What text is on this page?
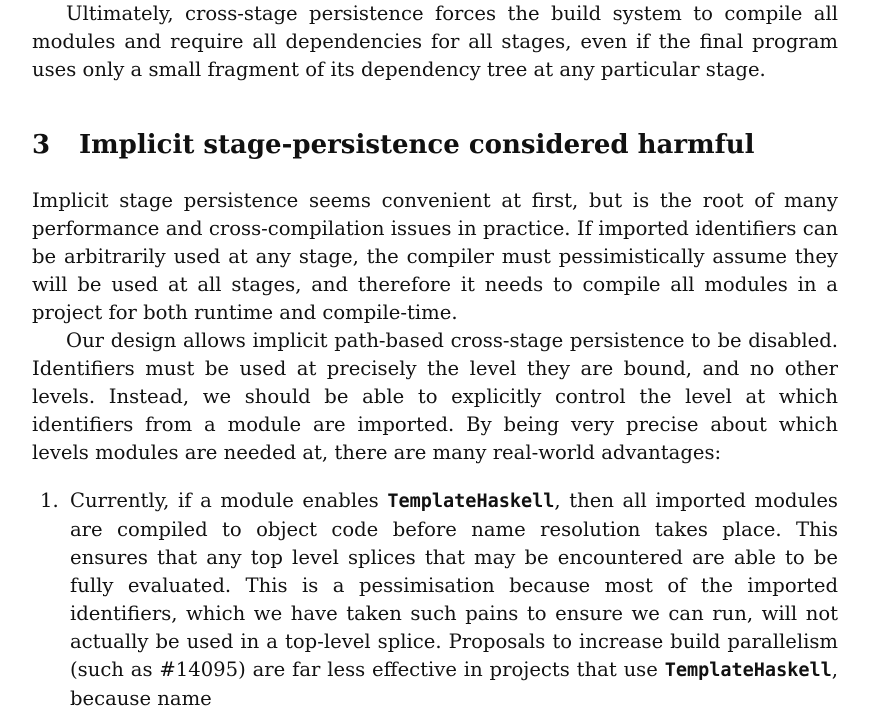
Ultimately, cross-stage persistence forces the build system to compile all modules and require all dependencies for all stages, even if the final program uses only a small fragment of its dependency tree at any particular stage.

3	Implicit stage-persistence considered harmful

Implicit stage persistence seems convenient at first, but is the root of many performance and cross-compilation issues in practice. If imported identifiers can be arbitrarily used at any stage, the compiler must pessimistically assume they will be used at all stages, and therefore it needs to compile all modules in a project for both runtime and compile-time.

Our design allows implicit path-based cross-stage persistence to be disabled. Identifiers must be used at precisely the level they are bound, and no other levels. Instead, we should be able to explicitly control the level at which identifiers from a module are imported. By being very precise about which levels modules are needed at, there are many real-world advantages:

1. Currently, if a module enables TemplateHaskell, then all imported modules are compiled to object code before name resolution takes place. This ensures that any top level splices that may be encountered are able to be fully evaluated. This is a pessimisation because most of the imported identifiers, which we have taken such pains to ensure we can run, will not actually be used in a top-level splice. Proposals to increase build parallelism (such as #14095) are far less effective in projects that use TemplateHaskell, because name
